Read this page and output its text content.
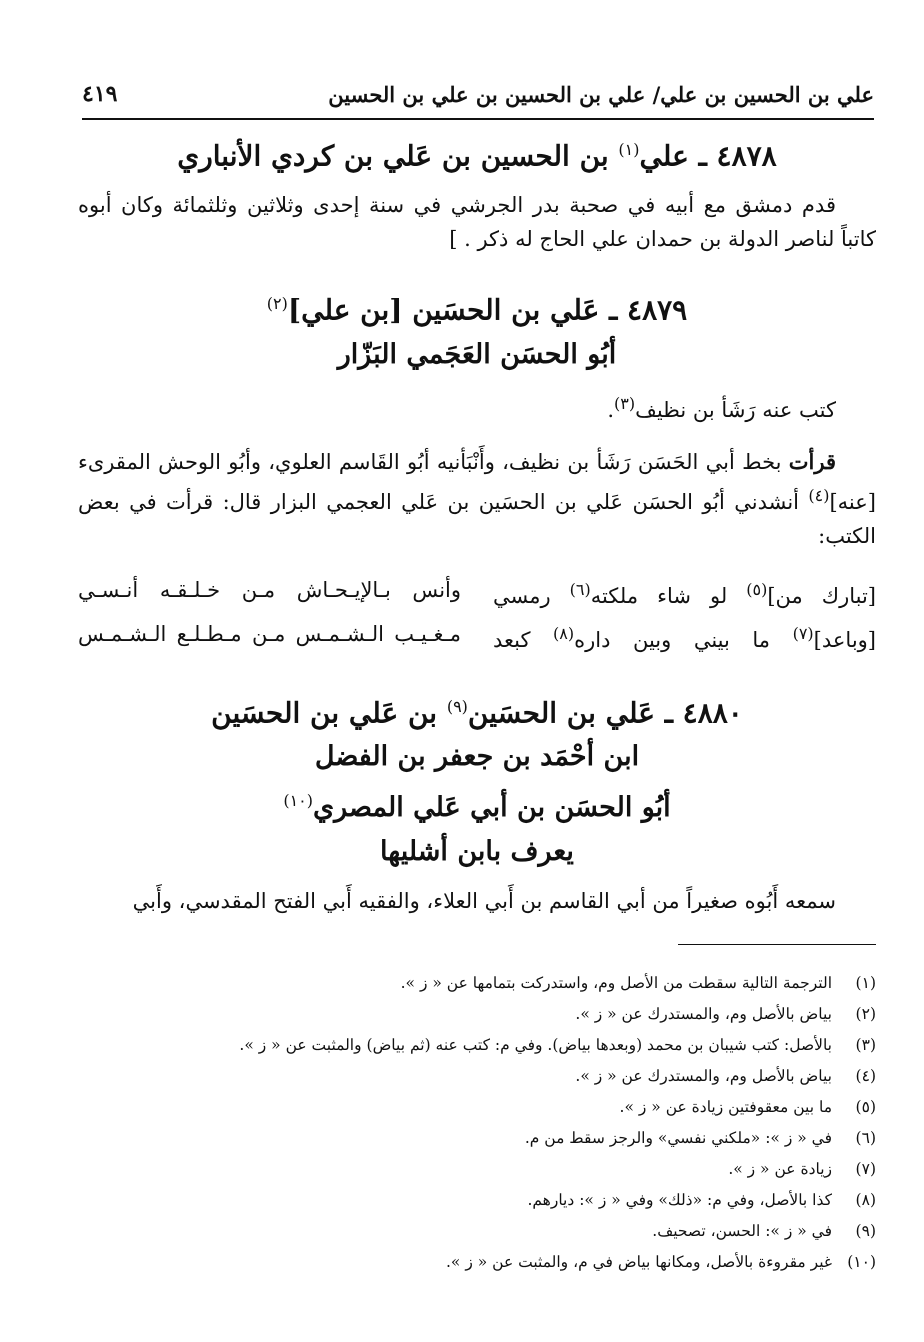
علي بن الحسين بن علي/ علي بن الحسين بن علي بن الحسين
٤١٩

٤٨٧٨ ـ علي$^{(١)}$ بن الحسين بن عَلي بن كردي الأنباري

قدم دمشق مع أبيه في صحبة بدر الجرشي في سنة إحدى وثلاثين وثلثمائة وكان أبوه كاتباً لناصر الدولة بن حمدان علي الحاج له ذكر . ]

٤٨٧٩ ـ عَلي بن الحسَين [بن علي]$^{(٢)}$

أبُو الحسَن العَجَمي البَزّار

كتب عنه رَشَأ بن نظيف$^{(٣)}$.

قرأت بخط أبي الحَسَن رَشَأ بن نظيف، وأَنْبَأنيه أبُو القَاسم العلوي، وأبُو الوحش المقرىء [عنه]$^{(٤)}$ أنشدني أبُو الحسَن عَلي بن الحسَين بن عَلي العجمي البزار قال: قرأت في بعض الكتب:

[تبارك من]$^{(٥)}$ لو شاء ملكته$^{(٦)}$ رمسي
وأنس بـالإيـحـاش مـن خـلـقـه أنـسـي
[وباعد]$^{(٧)}$ ما بيني وبين داره$^{(٨)}$ كبعد
مـغـيـب الـشـمـس مـن مـطـلـع الـشـمـس

٤٨٨٠ ـ عَلي بن الحسَين$^{(٩)}$ بن عَلي بن الحسَين

ابن أحْمَد بن جعفر بن الفضل

أبُو الحسَن بن أبي عَلي المصري$^{(١٠)}$

يعرف بابن أشليها

سمعه أَبُوه صغيراً من أبي القاسم بن أَبي العلاء، والفقيه أَبي الفتح المقدسي، وأَبي

(١)
الترجمة التالية سقطت من الأصل وم، واستدركت بتمامها عن « ز ».
(٢)
بياض بالأصل وم، والمستدرك عن « ز ».
(٣)
بالأصل: كتب شيبان بن محمد (وبعدها بياض). وفي م: كتب عنه (ثم بياض) والمثبت عن « ز ».
(٤)
بياض بالأصل وم، والمستدرك عن « ز ».
(٥)
ما بين معقوفتين زيادة عن « ز ».
(٦)
في « ز »: «ملكني نفسي» والرجز سقط من م.
(٧)
زيادة عن « ز ».
(٨)
كذا بالأصل، وفي م: «ذلك» وفي « ز »: ديارهم.
(٩)
في « ز »: الحسن، تصحيف.
(١٠)
غير مقروءة بالأصل، ومكانها بياض في م، والمثبت عن « ز ».
